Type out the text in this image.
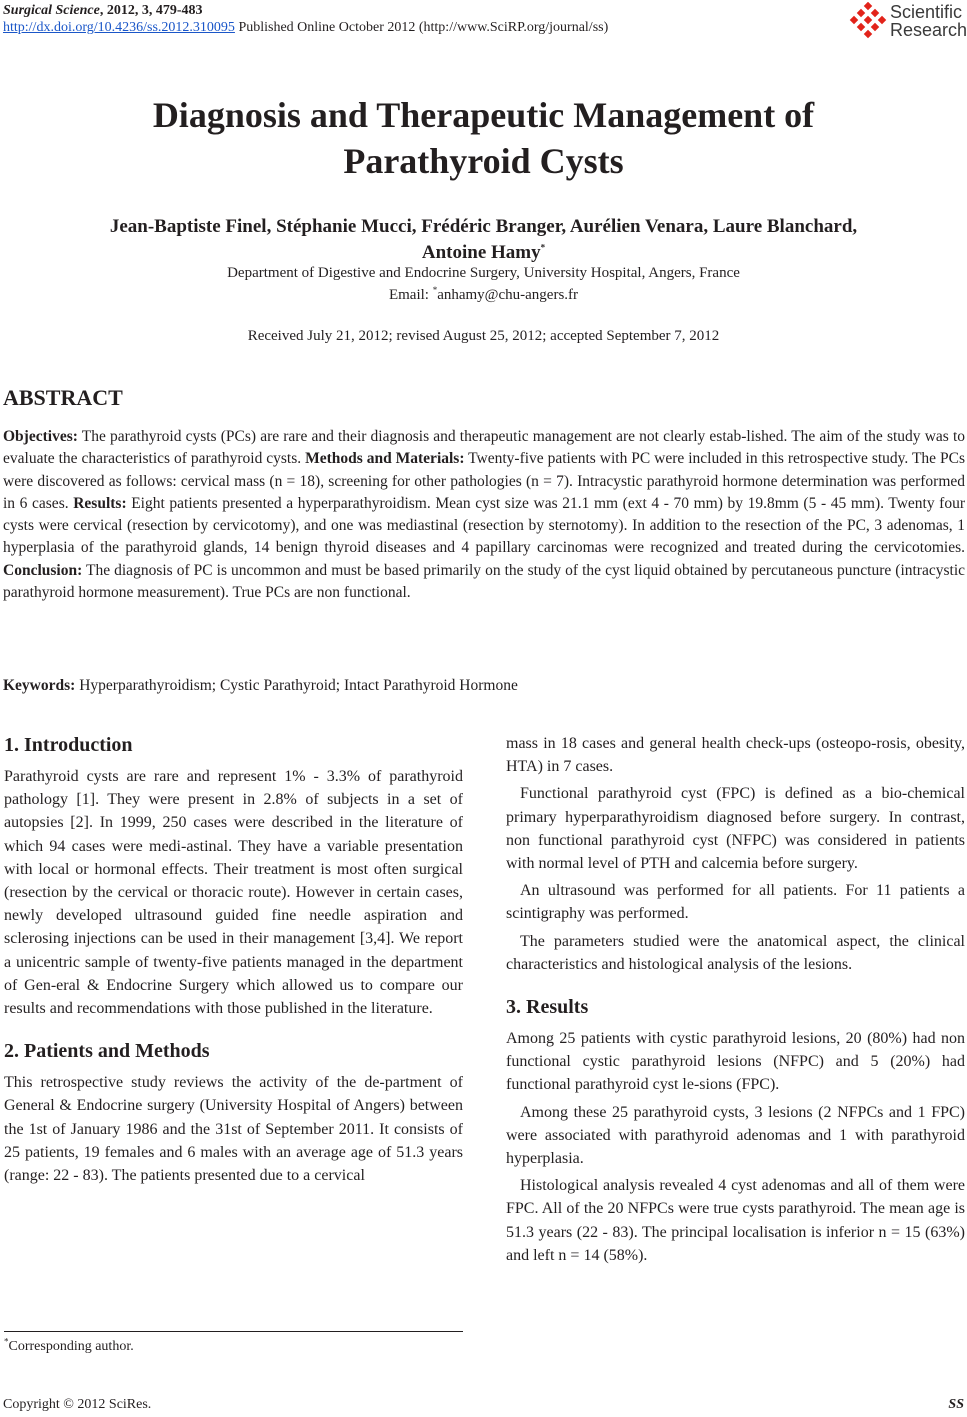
Surgical Science, 2012, 3, 479-483
http://dx.doi.org/10.4236/ss.2012.310095 Published Online October 2012 (http://www.SciRP.org/journal/ss)
Scientific
Research
Diagnosis and Therapeutic Management of
Parathyroid Cysts
Jean-Baptiste Finel, Stéphanie Mucci, Frédéric Branger, Aurélien Venara, Laure Blanchard,
Antoine Hamy*
Department of Digestive and Endocrine Surgery, University Hospital, Angers, France
Email: *anhamy@chu-angers.fr
Received July 21, 2012; revised August 25, 2012; accepted September 7, 2012
ABSTRACT
Objectives: The parathyroid cysts (PCs) are rare and their diagnosis and therapeutic management are not clearly estab-lished. The aim of the study was to evaluate the characteristics of parathyroid cysts. Methods and Materials: Twenty-five patients with PC were included in this retrospective study. The PCs were discovered as follows: cervical mass (n = 18), screening for other pathologies (n = 7). Intracystic parathyroid hormone determination was performed in 6 cases. Results: Eight patients presented a hyperparathyroidism. Mean cyst size was 21.1 mm (ext 4 - 70 mm) by 19.8mm (5 - 45 mm). Twenty four cysts were cervical (resection by cervicotomy), and one was mediastinal (resection by sternotomy). In addition to the resection of the PC, 3 adenomas, 1 hyperplasia of the parathyroid glands, 14 benign thyroid diseases and 4 papillary carcinomas were recognized and treated during the cervicotomies. Conclusion: The diagnosis of PC is uncommon and must be based primarily on the study of the cyst liquid obtained by percutaneous puncture (intracystic parathyroid hormone measurement). True PCs are non functional.
Keywords: Hyperparathyroidism; Cystic Parathyroid; Intact Parathyroid Hormone
1. Introduction

Parathyroid cysts are rare and represent 1% - 3.3% of parathyroid pathology [1]. They were present in 2.8% of subjects in a set of autopsies [2]. In 1999, 250 cases were described in the literature of which 94 cases were medi-astinal. They have a variable presentation with local or hormonal effects. Their treatment is most often surgical (resection by the cervical or thoracic route). However in certain cases, newly developed ultrasound guided fine needle aspiration and sclerosing injections can be used in their management [3,4]. We report a unicentric sample of twenty-five patients managed in the department of Gen-eral & Endocrine Surgery which allowed us to compare our results and recommendations with those published in the literature.

2. Patients and Methods

This retrospective study reviews the activity of the de-partment of General & Endocrine surgery (University Hospital of Angers) between the 1st of January 1986 and the 31st of September 2011. It consists of 25 patients, 19 females and 6 males with an average age of 51.3 years (range: 22 - 83). The patients presented due to a cervical

mass in 18 cases and general health check-ups (osteopo-rosis, obesity, HTA) in 7 cases.

Functional parathyroid cyst (FPC) is defined as a bio-chemical primary hyperparathyroidism diagnosed before surgery. In contrast, non functional parathyroid cyst (NFPC) was considered in patients with normal level of PTH and calcemia before surgery.

An ultrasound was performed for all patients. For 11 patients a scintigraphy was performed.

The parameters studied were the anatomical aspect, the clinical characteristics and histological analysis of the lesions.

3. Results

Among 25 patients with cystic parathyroid lesions, 20 (80%) had non functional cystic parathyroid lesions (NFPC) and 5 (20%) had functional parathyroid cyst le-sions (FPC).

Among these 25 parathyroid cysts, 3 lesions (2 NFPCs and 1 FPC) were associated with parathyroid adenomas and 1 with parathyroid hyperplasia.

Histological analysis revealed 4 cyst adenomas and all of them were FPC. All of the 20 NFPCs were true cysts parathyroid. The mean age is 51.3 years (22 - 83). The principal localisation is inferior n = 15 (63%) and left n = 14 (58%).

*Corresponding author.
Copyright © 2012 SciRes.	SS
